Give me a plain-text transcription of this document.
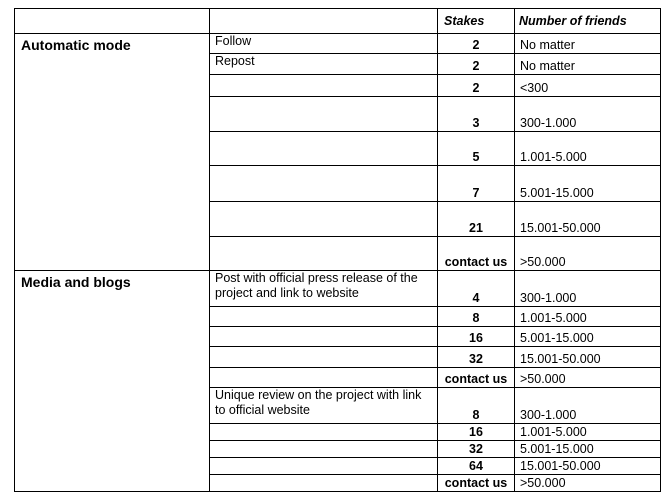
		Stakes	Number of friends
Automatic mode	Follow	2	No matter
	Repost	2	No matter
		2	<300
		3	300-1.000
		5	1.001-5.000
		7	5.001-15.000
		21	15.001-50.000
		contact us	>50.000
Media and blogs	Post with official press release of the project and link to website	4	300-1.000
		8	1.001-5.000
		16	5.001-15.000
		32	15.001-50.000
		contact us	>50.000
	Unique review on the project with link to official website	8	300-1.000
		16	1.001-5.000
		32	5.001-15.000
		64	15.001-50.000
		contact us	>50.000
